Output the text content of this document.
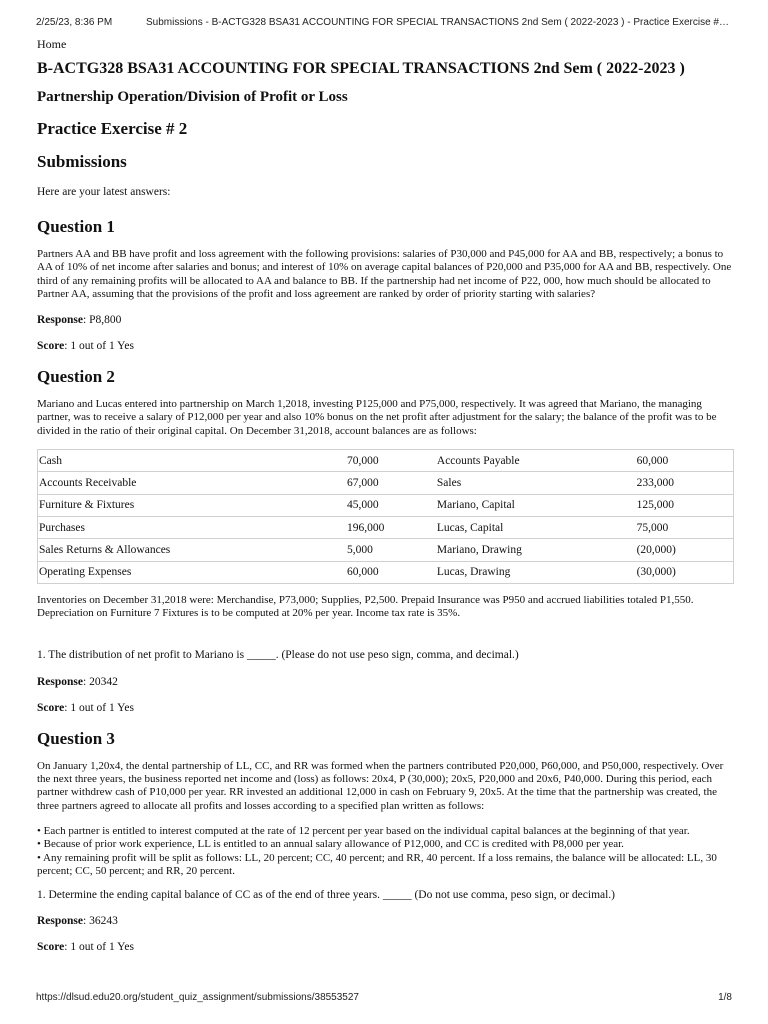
2/25/23, 8:36 PM	Submissions - B-ACTG328 BSA31 ACCOUNTING FOR SPECIAL TRANSACTIONS 2nd Sem ( 2022-2023 ) - Practice Exercise #…
Home
B-ACTG328 BSA31 ACCOUNTING FOR SPECIAL TRANSACTIONS 2nd Sem ( 2022-2023 )
Partnership Operation/Division of Profit or Loss
Practice Exercise # 2
Submissions
Here are your latest answers:
Question 1
Partners AA and BB have profit and loss agreement with the following provisions: salaries of P30,000 and P45,000 for AA and BB, respectively; a bonus to AA of 10% of net income after salaries and bonus; and interest of 10% on average capital balances of P20,000 and P35,000 for AA and BB, respectively. One third of any remaining profits will be allocated to AA and balance to BB. If the partnership had net income of P22, 000, how much should be allocated to Partner AA, assuming that the provisions of the profit and loss agreement are ranked by order of priority starting with salaries?
Response: P8,800
Score: 1 out of 1 Yes
Question 2
Mariano and Lucas entered into partnership on March 1,2018, investing P125,000 and P75,000, respectively. It was agreed that Mariano, the managing partner, was to receive a salary of P12,000 per year and also 10% bonus on the net profit after adjustment for the salary; the balance of the profit was to be divided in the ratio of their original capital. On December 31,2018, account balances are as follows:
Cash	70,000	Accounts Payable	60,000
Accounts Receivable	67,000	Sales	233,000
Furniture & Fixtures	45,000	Mariano, Capital	125,000
Purchases	196,000	Lucas, Capital	75,000
Sales Returns & Allowances	5,000	Mariano, Drawing	(20,000)
Operating Expenses	60,000	Lucas, Drawing	(30,000)
Inventories on December 31,2018 were: Merchandise, P73,000; Supplies, P2,500. Prepaid Insurance was P950 and accrued liabilities totaled P1,550. Depreciation on Furniture 7 Fixtures is to be computed at 20% per year. Income tax rate is 35%.
1. The distribution of net profit to Mariano is _____. (Please do not use peso sign, comma, and decimal.)
Response: 20342
Score: 1 out of 1 Yes
Question 3
On January 1,20x4, the dental partnership of LL, CC, and RR was formed when the partners contributed P20,000, P60,000, and P50,000, respectively. Over the next three years, the business reported net income and (loss) as follows: 20x4, P (30,000); 20x5, P20,000 and 20x6, P40,000. During this period, each partner withdrew cash of P10,000 per year. RR invested an additional 12,000 in cash on February 9, 20x5. At the time that the partnership was created, the three partners agreed to allocate all profits and losses according to a specified plan written as follows:
• Each partner is entitled to interest computed at the rate of 12 percent per year based on the individual capital balances at the beginning of that year.
• Because of prior work experience, LL is entitled to an annual salary allowance of P12,000, and CC is credited with P8,000 per year.
• Any remaining profit will be split as follows: LL, 20 percent; CC, 40 percent; and RR, 40 percent. If a loss remains, the balance will be allocated: LL, 30 percent; CC, 50 percent; and RR, 20 percent.
1. Determine the ending capital balance of CC as of the end of three years. _____ (Do not use comma, peso sign, or decimal.)
Response: 36243
Score: 1 out of 1 Yes
https://dlsud.edu20.org/student_quiz_assignment/submissions/38553527	1/8
